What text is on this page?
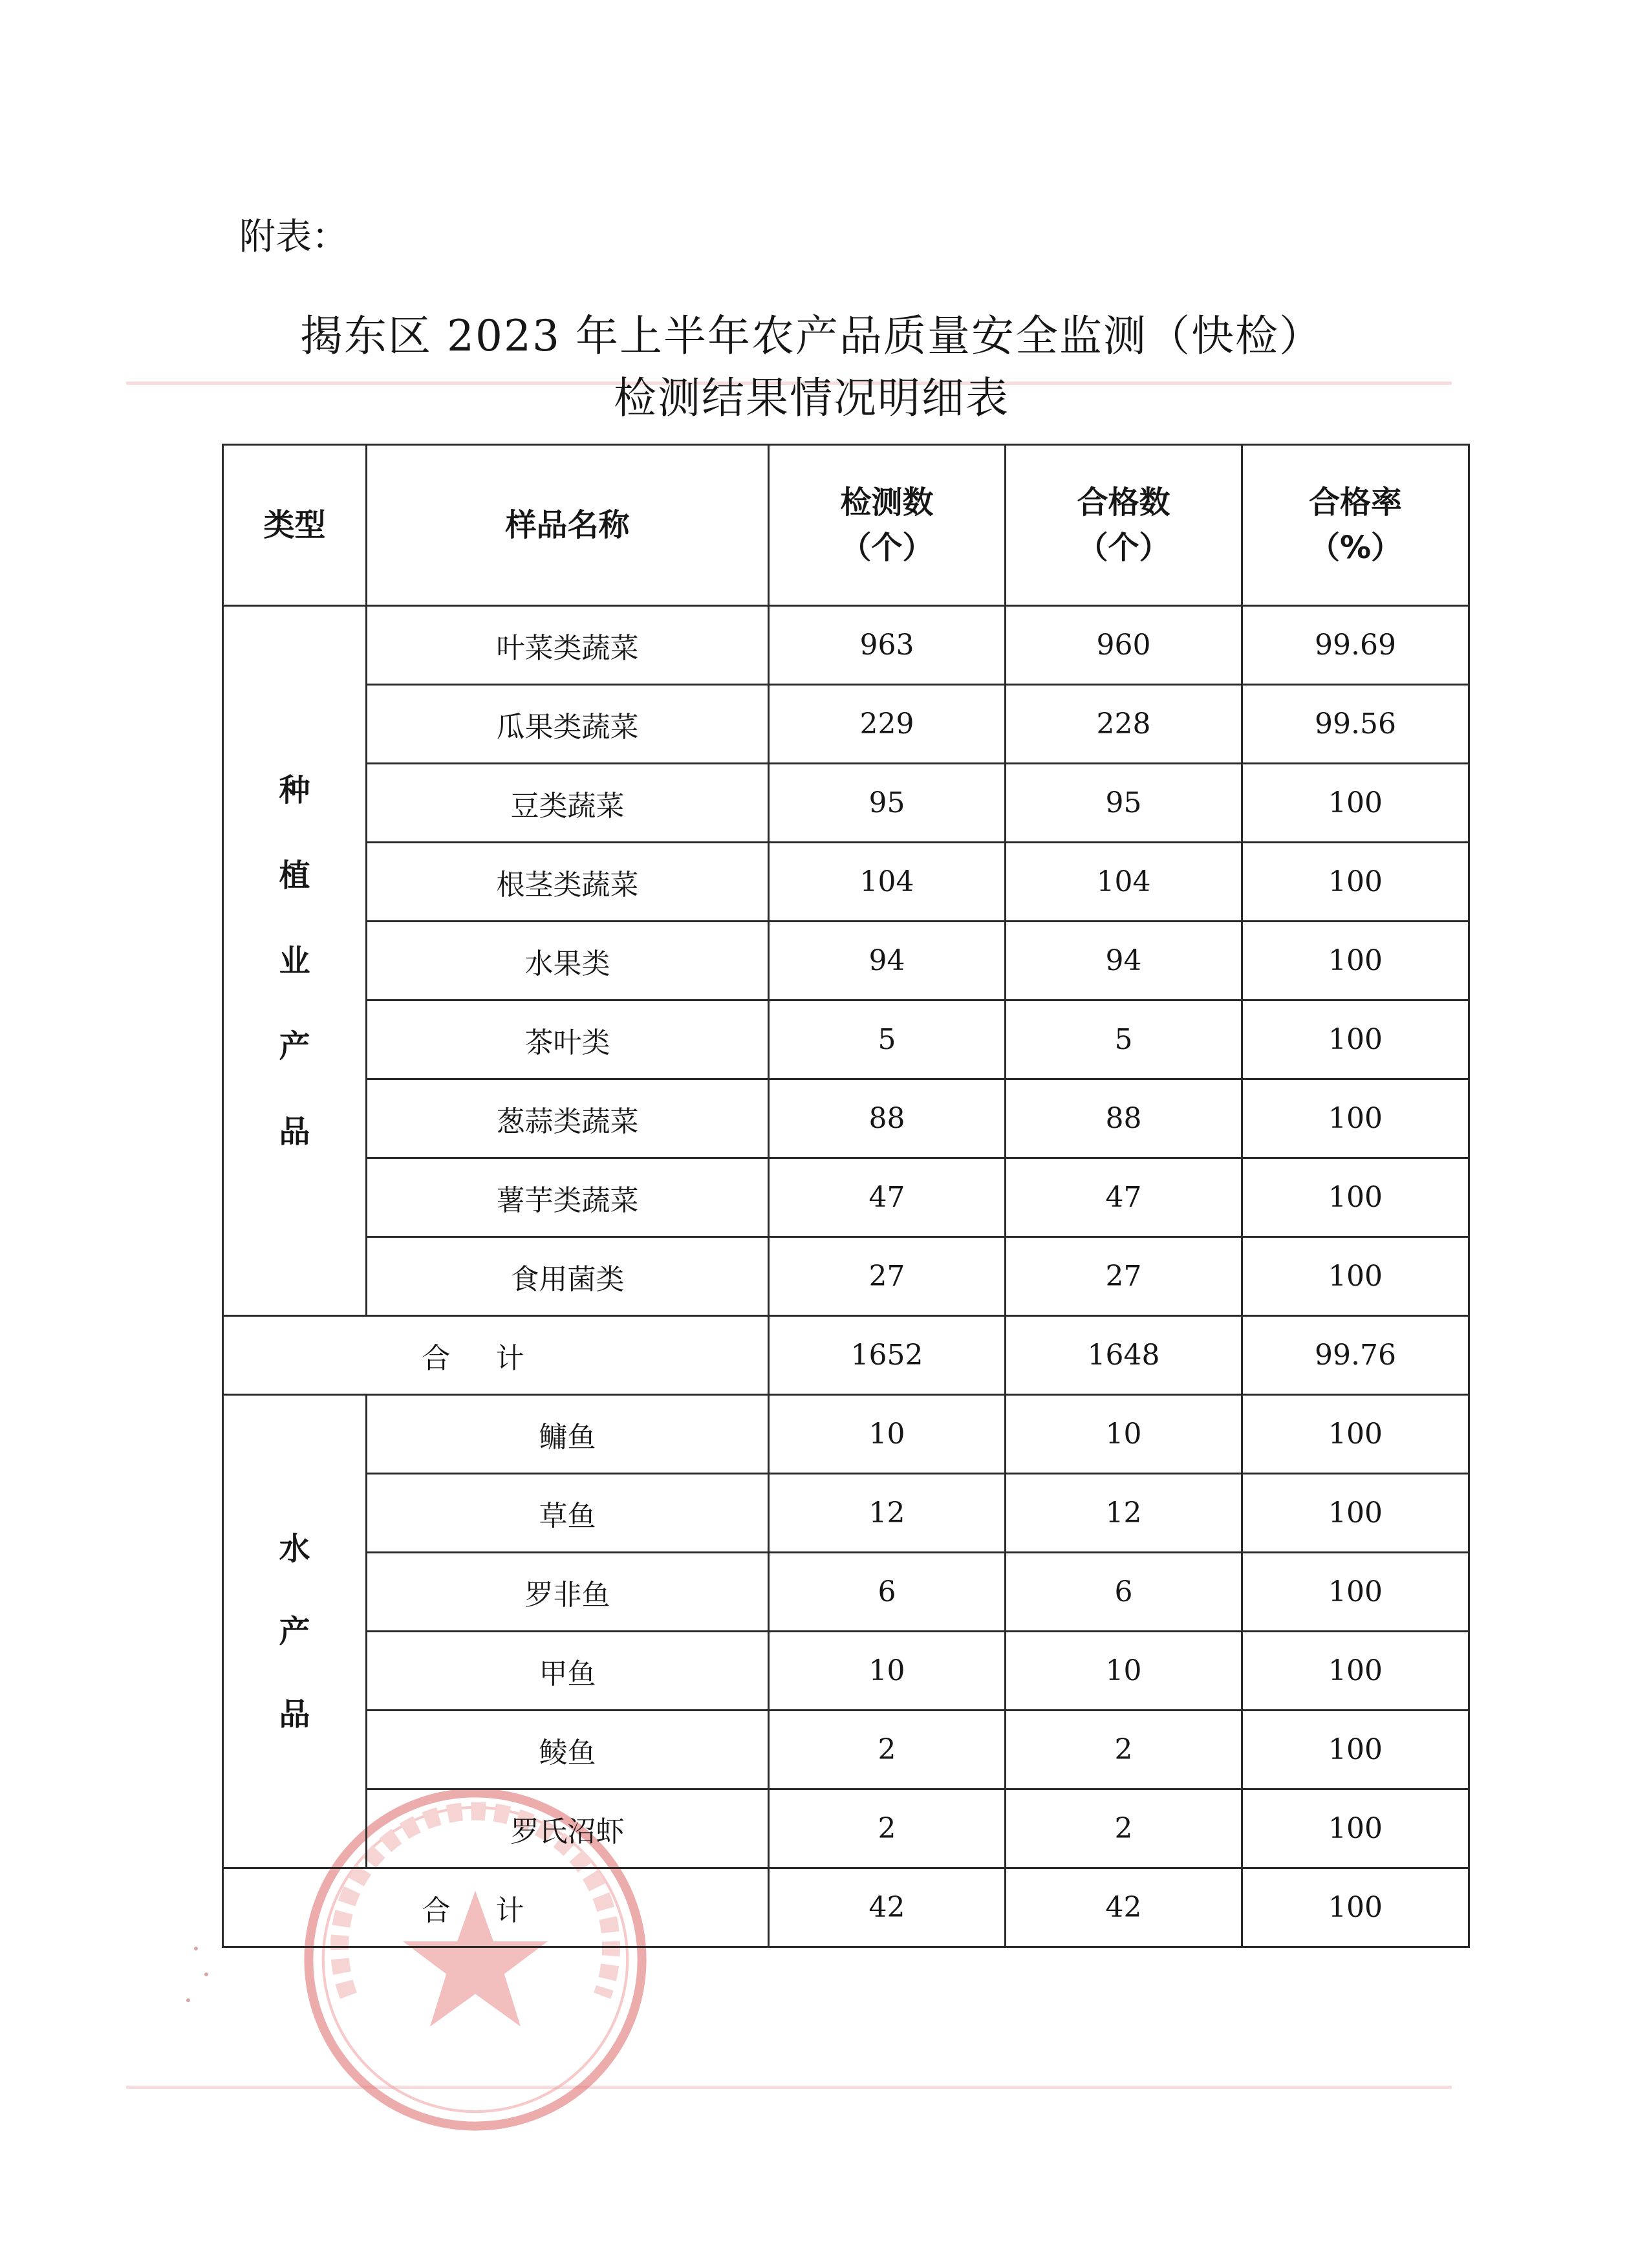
附表：
揭东区 2023 年上半年农产品质量安全监测（快检）
检测结果情况明细表
类型	样品名称	检测数（个）	合格数（个）	合格率（%）
种植业产品	叶菜类蔬菜	963	960	99.69
	瓜果类蔬菜	229	228	99.56
	豆类蔬菜	95	95	100
	根茎类蔬菜	104	104	100
	水果类	94	94	100
	茶叶类	5	5	100
	葱蒜类蔬菜	88	88	100
	薯芋类蔬菜	47	47	100
	食用菌类	27	27	100
合计		1652	1648	99.76
水产品	鳙鱼	10	10	100
	草鱼	12	12	100
	罗非鱼	6	6	100
	甲鱼	10	10	100
	鲮鱼	2	2	100
	罗氏沼虾	2	2	100
合计		42	42	100
